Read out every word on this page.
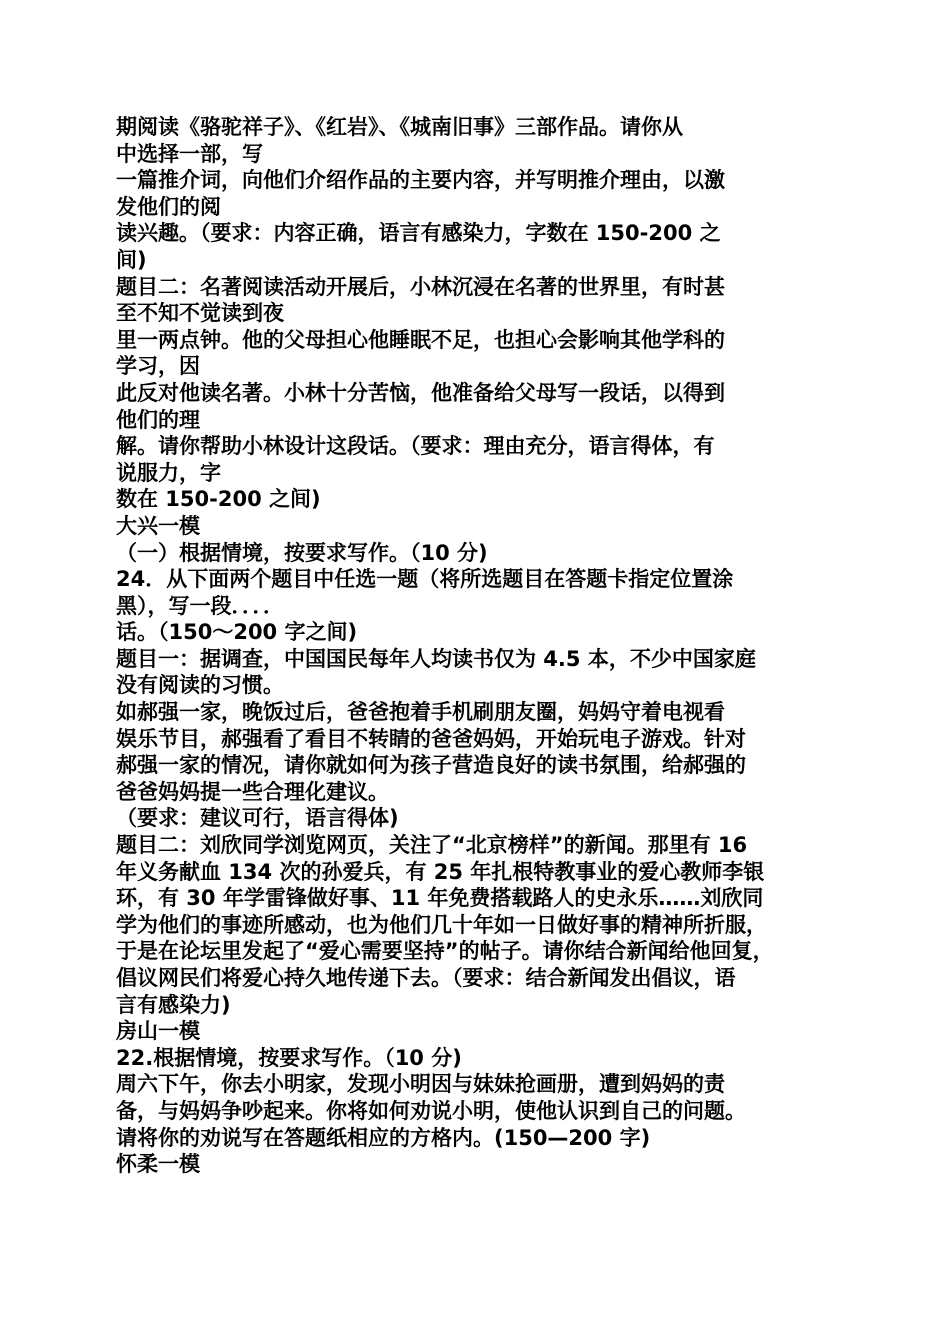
期阅读《骆驼祥子》、《红岩》、《城南旧事》三部作品。请你从
中选择一部，写
一篇推介词，向他们介绍作品的主要内容，并写明推介理由，以激
发他们的阅
读兴趣。（要求：内容正确，语言有感染力，字数在 150-200 之
间)
题目二：名著阅读活动开展后，小林沉浸在名著的世界里，有时甚
至不知不觉读到夜
里一两点钟。他的父母担心他睡眠不足，也担心会影响其他学科的
学习，因
此反对他读名著。小林十分苦恼，他准备给父母写一段话，以得到
他们的理
解。请你帮助小林设计这段话。（要求：理由充分，语言得体，有
说服力，字
数在 150-200 之间)
大兴一模
（一）根据情境，按要求写作。（10 分)
24．从下面两个题目中任选一题（将所选题目在答题卡指定位置涂
黑），写一段．．．．
话。（150～200 字之间)
题目一：据调查，中国国民每年人均读书仅为 4.5 本，不少中国家庭
没有阅读的习惯。
如郝强一家，晚饭过后，爸爸抱着手机刷朋友圈，妈妈守着电视看
娱乐节目，郝强看了看目不转睛的爸爸妈妈，开始玩电子游戏。针对
郝强一家的情况，请你就如何为孩子营造良好的读书氛围，给郝强的
爸爸妈妈提一些合理化建议。
（要求：建议可行，语言得体)
题目二：刘欣同学浏览网页，关注了“北京榜样”的新闻。那里有 16
年义务献血 134 次的孙爱兵，有 25 年扎根特教事业的爱心教师李银
环，有 30 年学雷锋做好事、11 年免费搭载路人的史永乐……刘欣同
学为他们的事迹所感动，也为他们几十年如一日做好事的精神所折服，
于是在论坛里发起了“爱心需要坚持”的帖子。请你结合新闻给他回复，
倡议网民们将爱心持久地传递下去。（要求：结合新闻发出倡议，语
言有感染力)
房山一模
22.根据情境，按要求写作。（10 分)
周六下午，你去小明家，发现小明因与妹妹抢画册，遭到妈妈的责
备，与妈妈争吵起来。你将如何劝说小明，使他认识到自己的问题。
请将你的劝说写在答题纸相应的方格内。(150—200 字)
怀柔一模
